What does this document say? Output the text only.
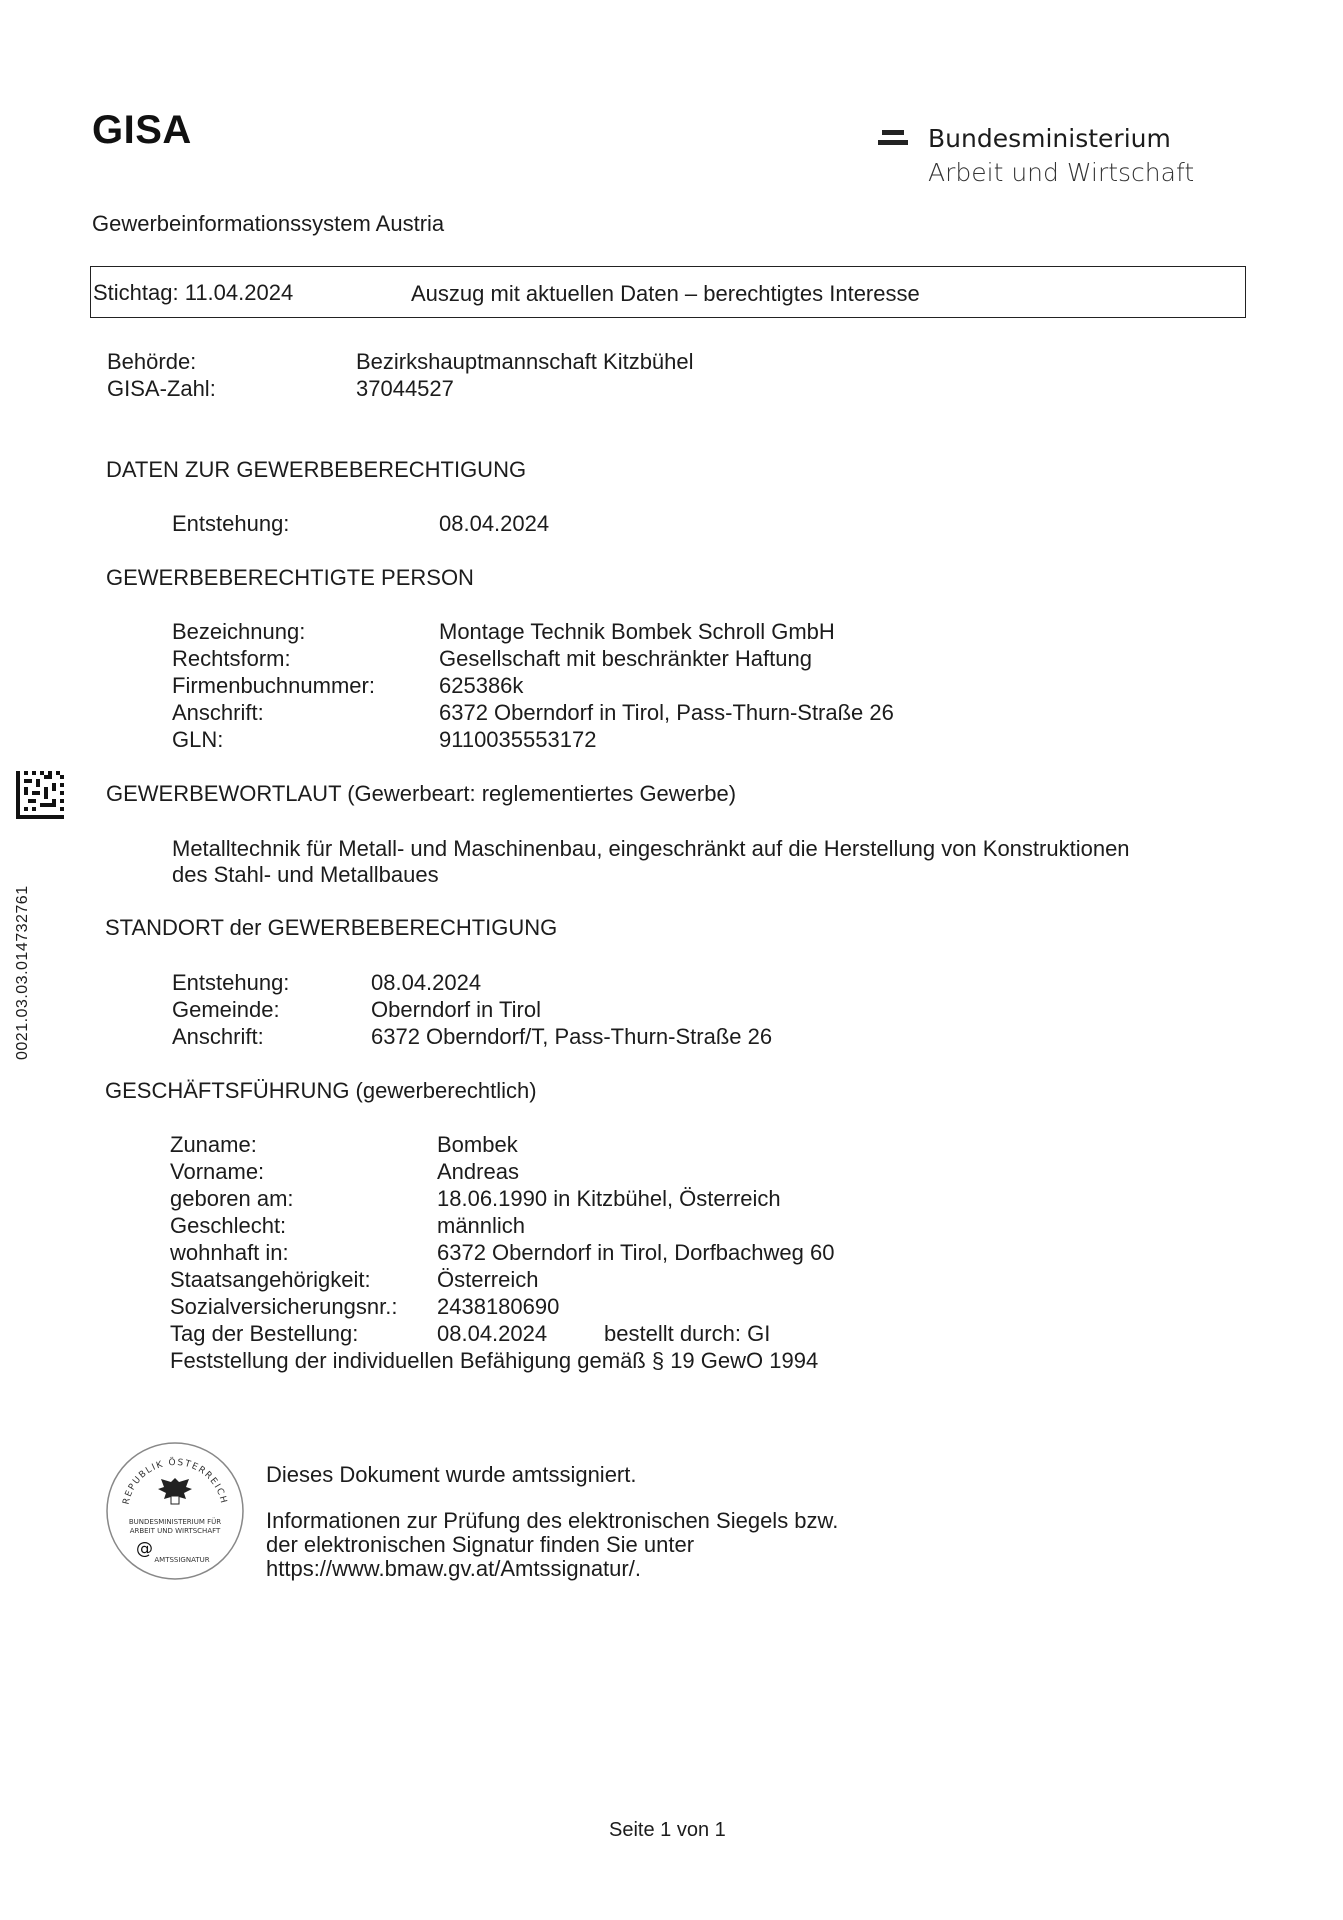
GISA	Bundesministerium
Arbeit und Wirtschaft
Gewerbeinformationssystem Austria
Stichtag: 11.04.2024	Auszug mit aktuellen Daten – berechtigtes Interesse
Behörde:	Bezirkshauptmannschaft Kitzbühel
GISA-Zahl:	37044527
DATEN ZUR GEWERBEBERECHTIGUNG
Entstehung:	08.04.2024
GEWERBEBERECHTIGTE PERSON
Bezeichnung:	Montage Technik Bombek Schroll GmbH
Rechtsform:	Gesellschaft mit beschränkter Haftung
Firmenbuchnummer:	625386k
Anschrift:	6372 Oberndorf in Tirol, Pass-Thurn-Straße 26
GLN:	9110035553172
GEWERBEWORTLAUT (Gewerbeart: reglementiertes Gewerbe)
Metalltechnik für Metall- und Maschinenbau, eingeschränkt auf die Herstellung von Konstruktionen
des Stahl- und Metallbaues
STANDORT der GEWERBEBERECHTIGUNG
Entstehung:	08.04.2024
Gemeinde:	Oberndorf in Tirol
Anschrift:	6372 Oberndorf/T, Pass-Thurn-Straße 26
0021.03.03.014732761
GESCHÄFTSFÜHRUNG (gewerberechtlich)
Zuname:	Bombek
Vorname:	Andreas
geboren am:	18.06.1990 in Kitzbühel, Österreich
Geschlecht:	männlich
wohnhaft in:	6372 Oberndorf in Tirol, Dorfbachweg 60
Staatsangehörigkeit:	Österreich
Sozialversicherungsnr.: 2438180690
Tag der Bestellung:	08.04.2024	bestellt durch: GI
Feststellung der individuellen Befähigung gemäß § 19 GewO 1994
REPUBLIK ÖSTERREICH
BUNDESMINISTERIUM FÜR
ARBEIT UND WIRTSCHAFT
@
AMTSSIGNATUR
Dieses Dokument wurde amtssigniert.
Informationen zur Prüfung des elektronischen Siegels bzw.
der elektronischen Signatur finden Sie unter
https://www.bmaw.gv.at/Amtssignatur/.
Seite 1 von 1
